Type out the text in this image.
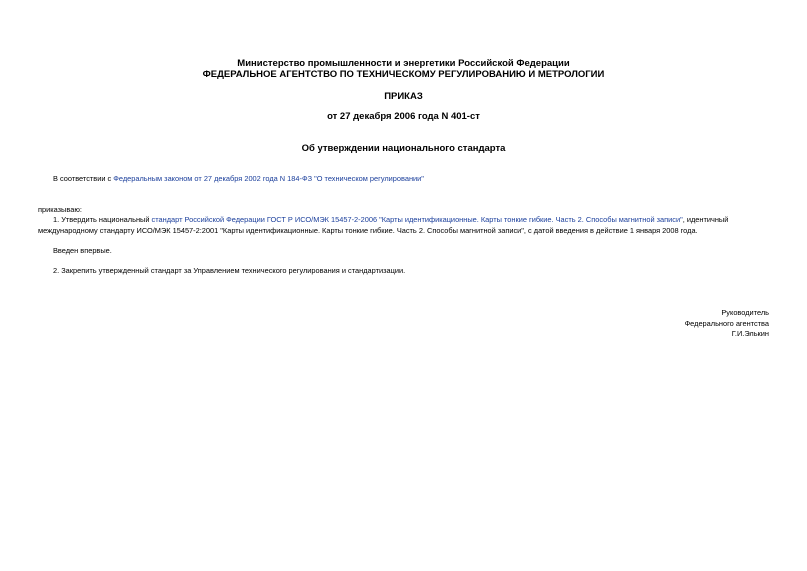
Министерство промышленности и энергетики Российской Федерации
ФЕДЕРАЛЬНОЕ АГЕНТСТВО ПО ТЕХНИЧЕСКОМУ РЕГУЛИРОВАНИЮ И МЕТРОЛОГИИ
ПРИКАЗ
от 27 декабря 2006 года N 401-ст
Об утверждении национального стандарта
В соответствии с Федеральным законом от 27 декабря 2002 года N 184-ФЗ "О техническом регулировании"
приказываю:
1. Утвердить национальный стандарт Российской Федерации ГОСТ Р ИСО/МЭК 15457-2-2006 "Карты идентификационные. Карты тонкие гибкие. Часть 2. Способы магнитной записи", идентичный международному стандарту ИСО/МЭК 15457-2:2001 "Карты идентификационные. Карты тонкие гибкие. Часть 2. Способы магнитной записи", с датой введения в действие 1 января 2008 года.
Введен впервые.
2. Закрепить утвержденный стандарт за Управлением технического регулирования и стандартизации.
Руководитель
Федерального агентства
Г.И.Элькин
